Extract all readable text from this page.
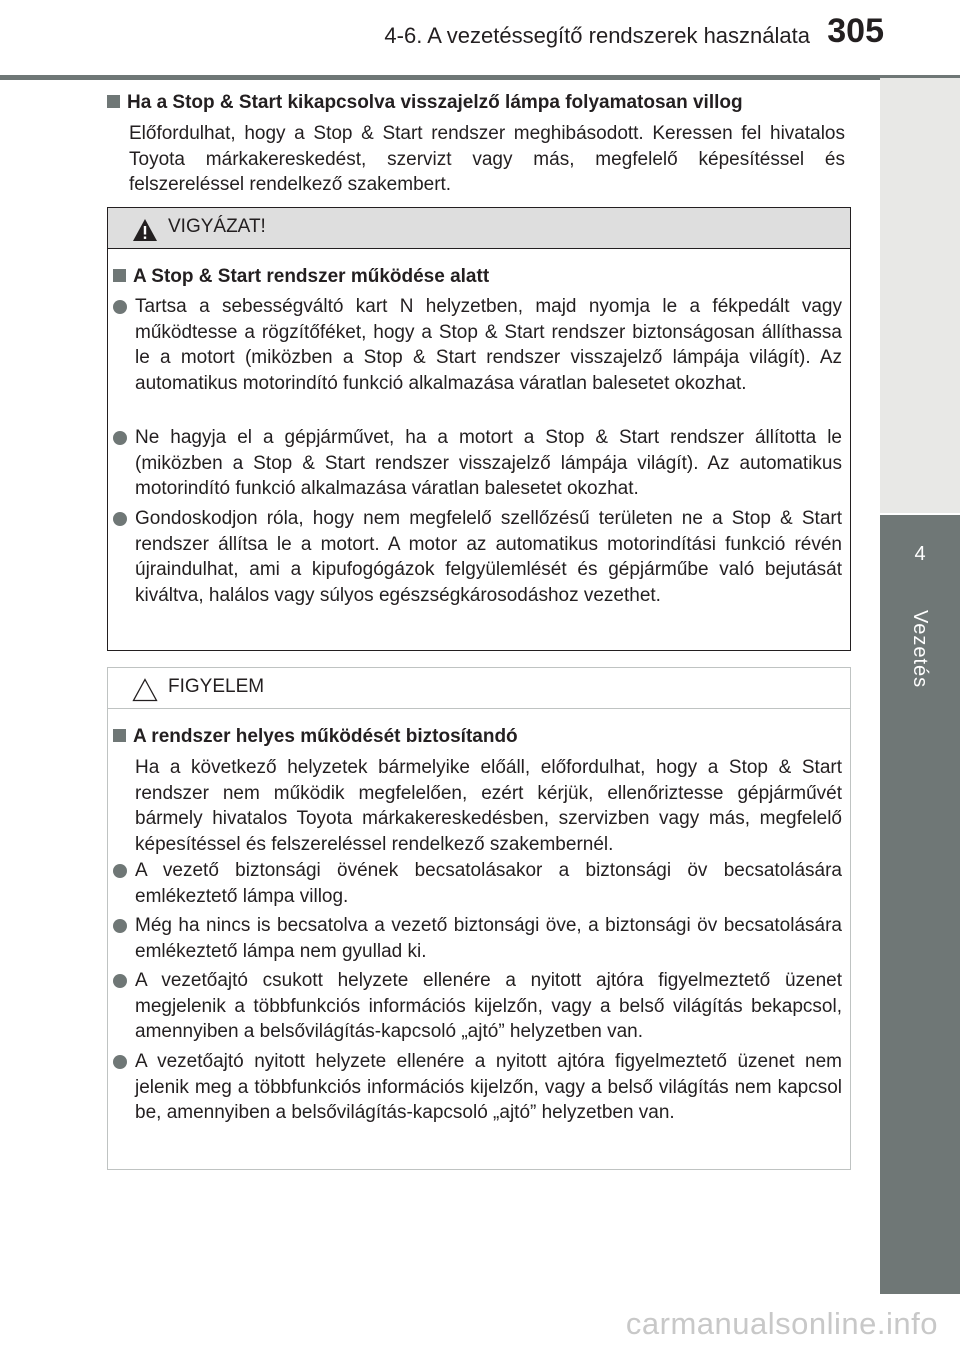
4-6. A vezetéssegítő rendszerek használata 305
4
Vezetés
Ha a Stop & Start kikapcsolva visszajelző lámpa folyamatosan villog
Előfordulhat, hogy a Stop & Start rendszer meghibásodott. Keressen fel hivatalos Toyota márkakereskedést, szervizt vagy más, megfelelő képesítéssel és felszereléssel rendelkező szakembert.
VIGYÁZAT!
A Stop & Start rendszer működése alatt
Tartsa a sebességváltó kart N helyzetben, majd nyomja le a fékpedált vagy működtesse a rögzítőféket, hogy a Stop & Start rendszer biztonságosan állíthassa le a motort (miközben a Stop & Start rendszer visszajelző lámpája világít). Az automatikus motorindító funkció alkalmazása váratlan balesetet okozhat.
Ne hagyja el a gépjárművet, ha a motort a Stop & Start rendszer állította le (miközben a Stop & Start rendszer visszajelző lámpája világít). Az automatikus motorindító funkció alkalmazása váratlan balesetet okozhat.
Gondoskodjon róla, hogy nem megfelelő szellőzésű területen ne a Stop & Start rendszer állítsa le a motort. A motor az automatikus motorindítási funkció révén újraindulhat, ami a kipufogógázok felgyülemlését és gépjárműbe való bejutását kiváltva, halálos vagy súlyos egészségkárosodáshoz vezethet.
FIGYELEM
A rendszer helyes működését biztosítandó
Ha a következő helyzetek bármelyike előáll, előfordulhat, hogy a Stop & Start rendszer nem működik megfelelően, ezért kérjük, ellenőriztesse gépjárművét bármely hivatalos Toyota márkakereskedésben, szervizben vagy más, megfelelő képesítéssel és felszereléssel rendelkező szakembernél.
A vezető biztonsági övének becsatolásakor a biztonsági öv becsatolására emlékeztető lámpa villog.
Még ha nincs is becsatolva a vezető biztonsági öve, a biztonsági öv becsatolására emlékeztető lámpa nem gyullad ki.
A vezetőajtó csukott helyzete ellenére a nyitott ajtóra figyelmeztető üzenet megjelenik a többfunkciós információs kijelzőn, vagy a belső világítás bekapcsol, amennyiben a belsővilágítás-kapcsoló „ajtó” helyzetben van.
A vezetőajtó nyitott helyzete ellenére a nyitott ajtóra figyelmeztető üzenet nem jelenik meg a többfunkciós információs kijelzőn, vagy a belső világítás nem kapcsol be, amennyiben a belsővilágítás-kapcsoló „ajtó” helyzetben van.
carmanualsonline.info
